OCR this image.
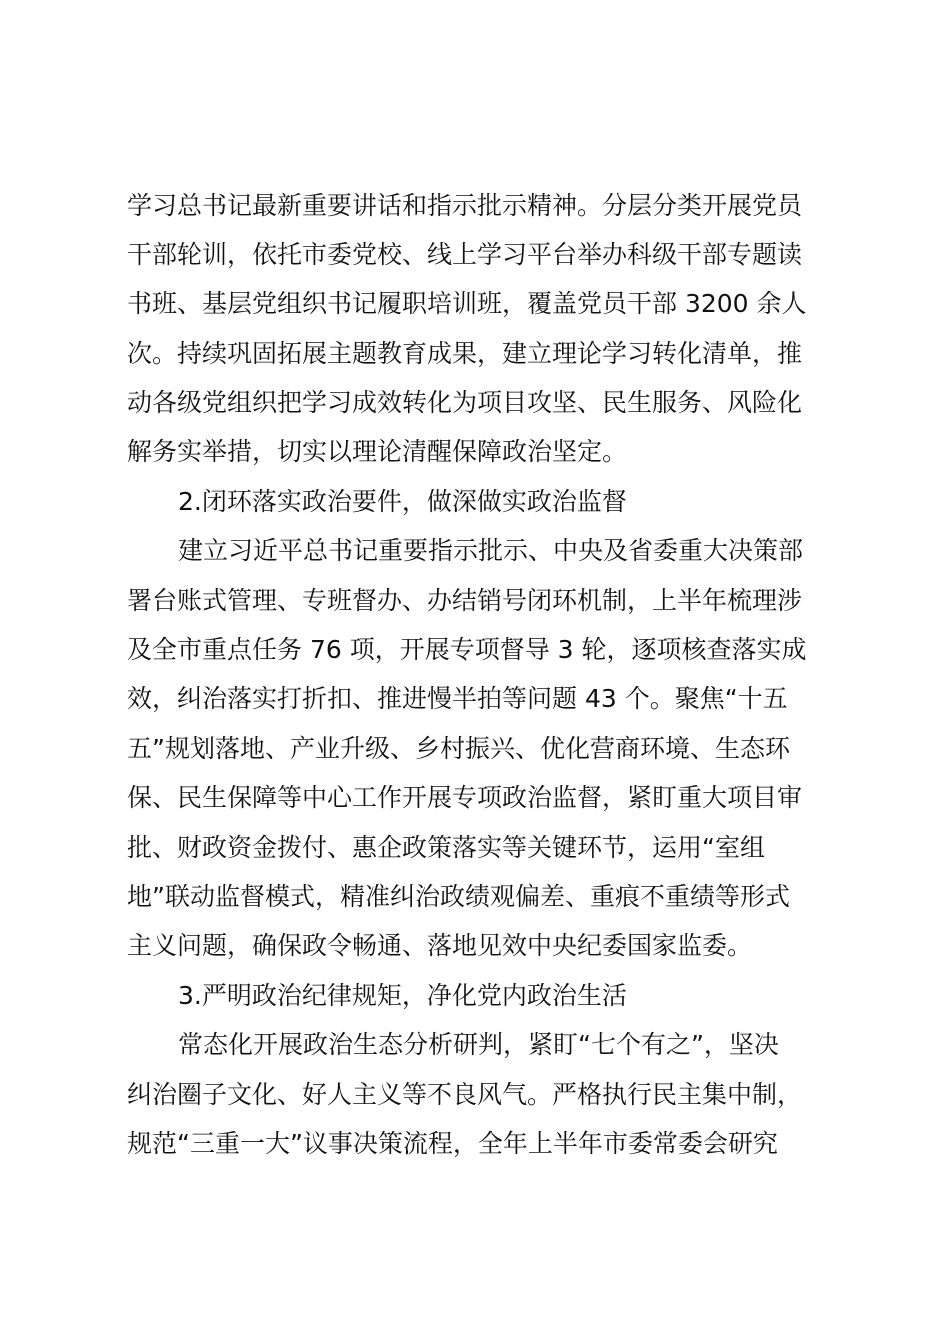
学习总书记最新重要讲话和指示批示精神。分层分类开展党员

干部轮训，依托市委党校、线上学习平台举办科级干部专题读

书班、基层党组织书记履职培训班，覆盖党员干部 3200 余人

次。持续巩固拓展主题教育成果，建立理论学习转化清单，推

动各级党组织把学习成效转化为项目攻坚、民生服务、风险化

解务实举措，切实以理论清醒保障政治坚定。

2.闭环落实政治要件，做深做实政治监督

建立习近平总书记重要指示批示、中央及省委重大决策部

署台账式管理、专班督办、办结销号闭环机制，上半年梳理涉

及全市重点任务 76 项，开展专项督导 3 轮，逐项核查落实成

效，纠治落实打折扣、推进慢半拍等问题 43 个。聚焦“十五

五”规划落地、产业升级、乡村振兴、优化营商环境、生态环

保、民生保障等中心工作开展专项政治监督，紧盯重大项目审

批、财政资金拨付、惠企政策落实等关键环节，运用“室组

地”联动监督模式，精准纠治政绩观偏差、重痕不重绩等形式

主义问题，确保政令畅通、落地见效中央纪委国家监委。

3.严明政治纪律规矩，净化党内政治生活

常态化开展政治生态分析研判，紧盯“七个有之”，坚决

纠治圈子文化、好人主义等不良风气。严格执行民主集中制，

规范“三重一大”议事决策流程，全年上半年市委常委会研究
